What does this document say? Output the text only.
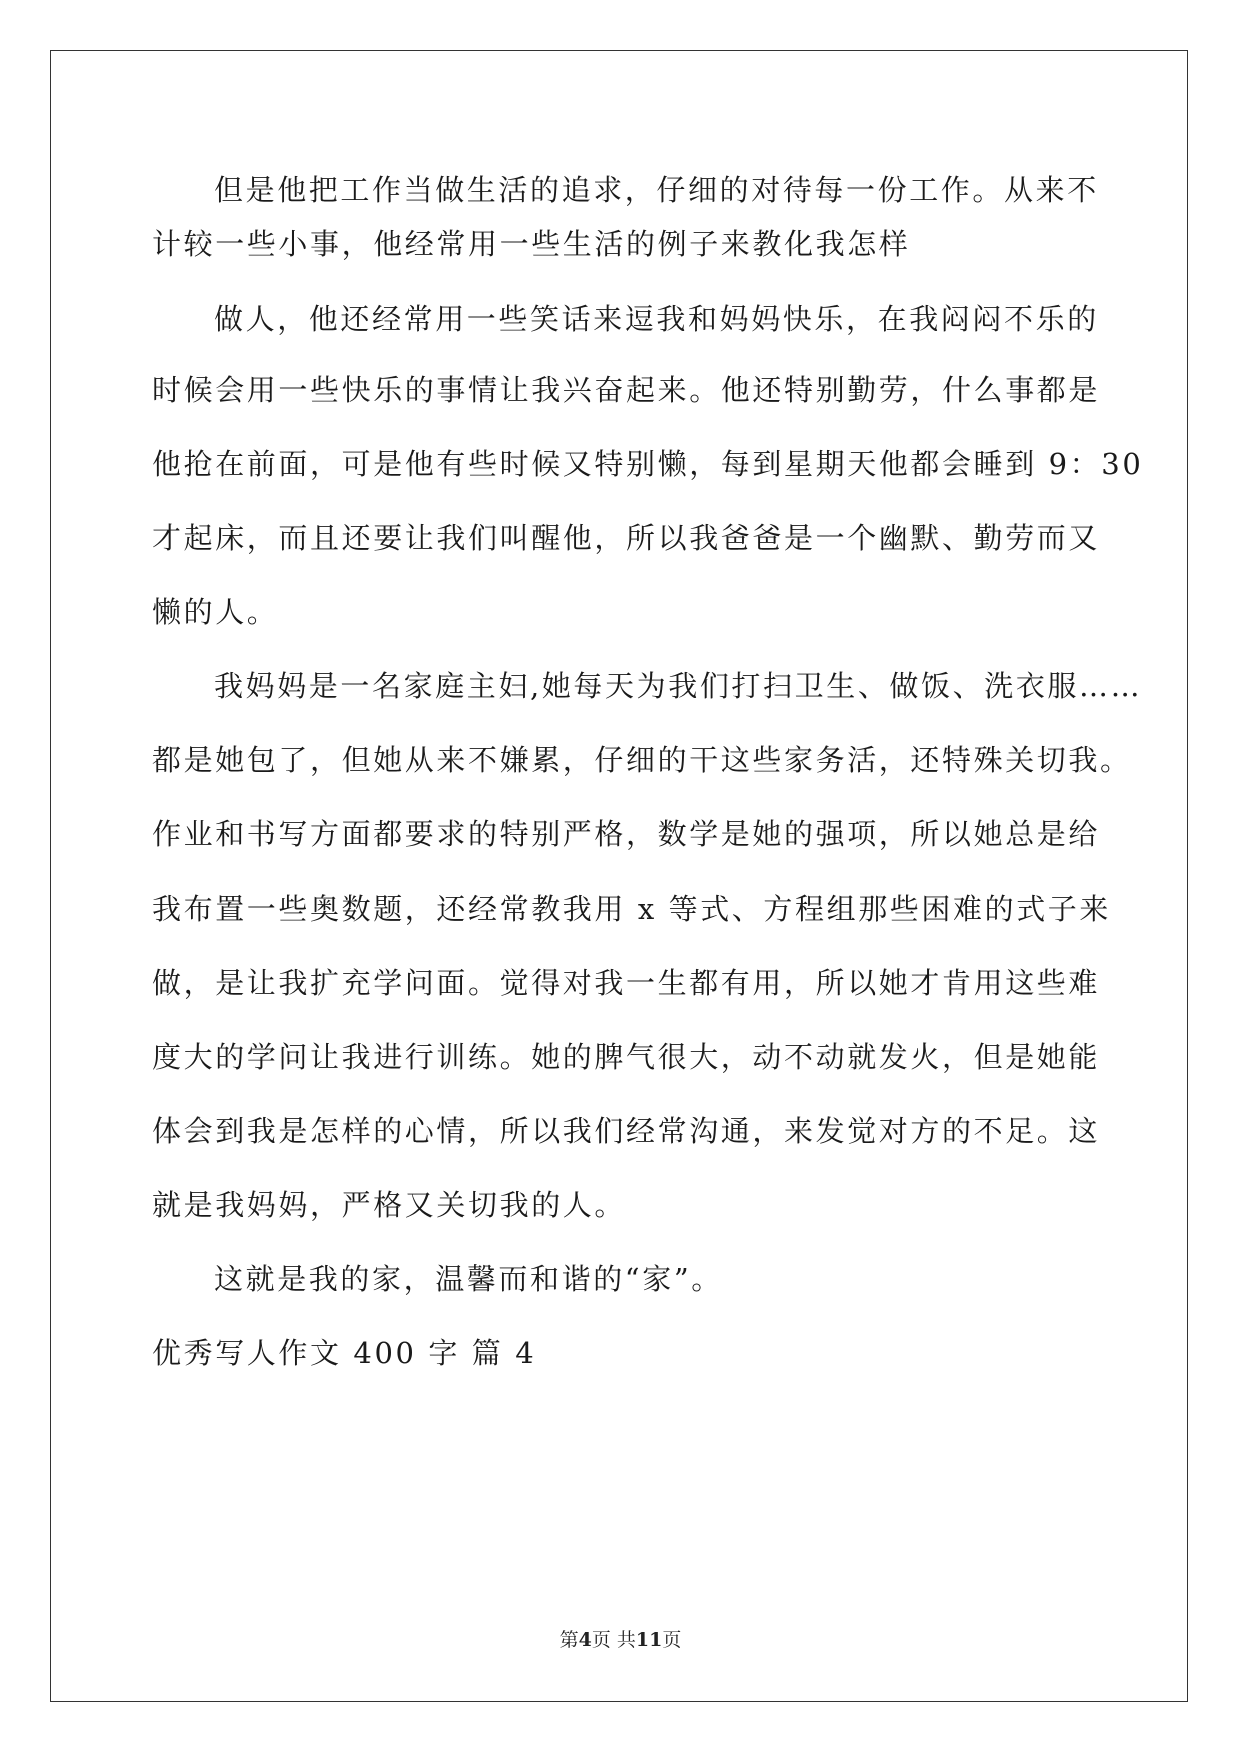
但是他把工作当做生活的追求，仔细的对待每一份工作。从来不
计较一些小事，他经常用一些生活的例子来教化我怎样
做人，他还经常用一些笑话来逗我和妈妈快乐，在我闷闷不乐的
时候会用一些快乐的事情让我兴奋起来。他还特别勤劳，什么事都是
他抢在前面，可是他有些时候又特别懒，每到星期天他都会睡到 9：30
才起床，而且还要让我们叫醒他，所以我爸爸是一个幽默、勤劳而又
懒的人。
我妈妈是一名家庭主妇,她每天为我们打扫卫生、做饭、洗衣服……
都是她包了，但她从来不嫌累，仔细的干这些家务活，还特殊关切我。
作业和书写方面都要求的特别严格，数学是她的强项，所以她总是给
我布置一些奥数题，还经常教我用 x 等式、方程组那些困难的式子来
做，是让我扩充学问面。觉得对我一生都有用，所以她才肯用这些难
度大的学问让我进行训练。她的脾气很大，动不动就发火，但是她能
体会到我是怎样的心情，所以我们经常沟通，来发觉对方的不足。这
就是我妈妈，严格又关切我的人。
这就是我的家，温馨而和谐的“家”。
优秀写人作文 400 字 篇 4
第4页 共11页
